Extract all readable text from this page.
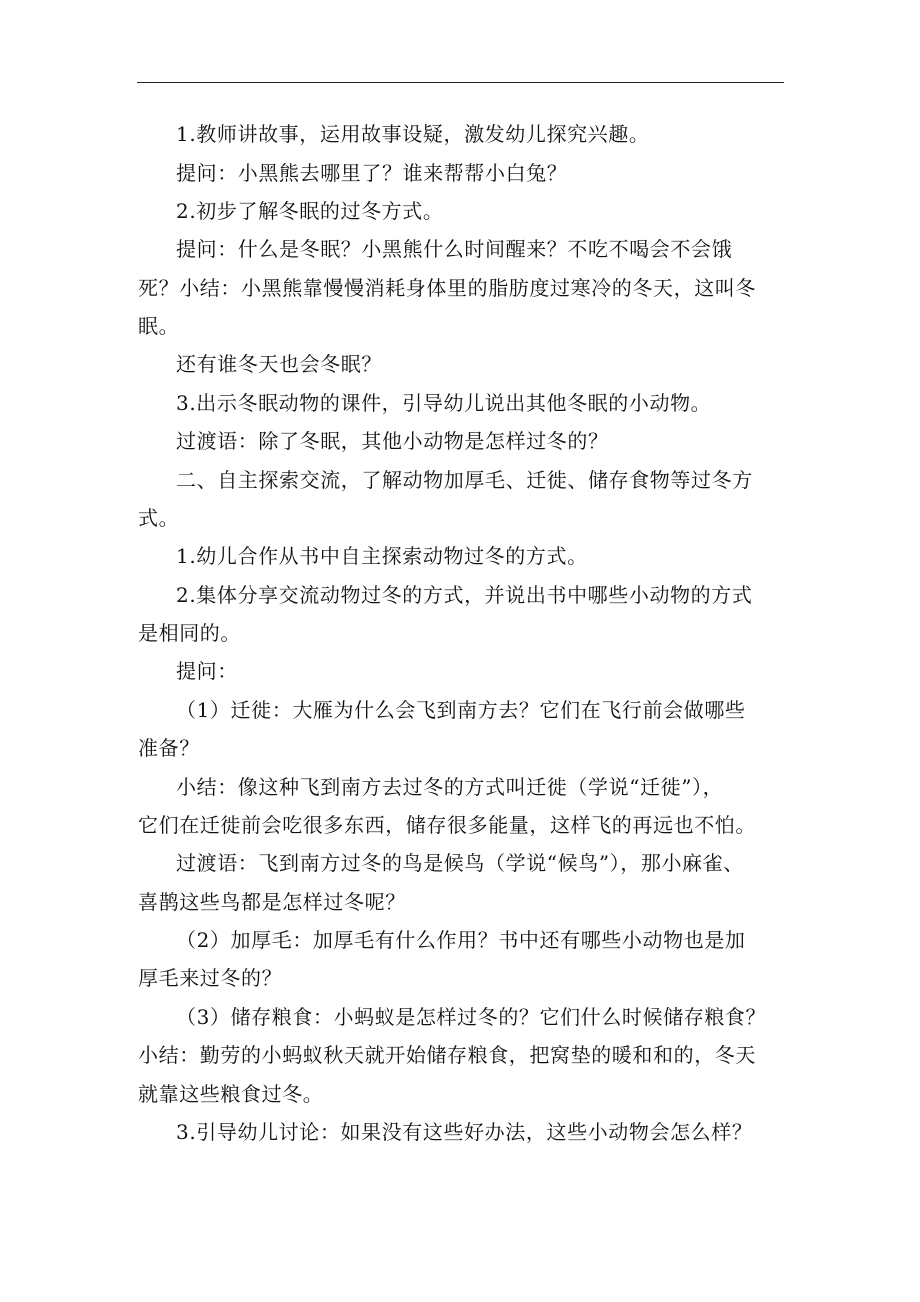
1.教师讲故事，运用故事设疑，激发幼儿探究兴趣。
提问：小黑熊去哪里了？谁来帮帮小白兔？
2.初步了解冬眠的过冬方式。
提问：什么是冬眠？小黑熊什么时间醒来？不吃不喝会不会饿
死？小结：小黑熊靠慢慢消耗身体里的脂肪度过寒冷的冬天，这叫冬
眠。
还有谁冬天也会冬眠？
3.出示冬眠动物的课件，引导幼儿说出其他冬眠的小动物。
过渡语：除了冬眠，其他小动物是怎样过冬的？
二、自主探索交流，了解动物加厚毛、迁徙、储存食物等过冬方
式。
1.幼儿合作从书中自主探索动物过冬的方式。
2.集体分享交流动物过冬的方式，并说出书中哪些小动物的方式
是相同的。
提问：
（1）迁徙：大雁为什么会飞到南方去？它们在飞行前会做哪些
准备？
小结：像这种飞到南方去过冬的方式叫迁徙（学说“迁徙”），
它们在迁徙前会吃很多东西，储存很多能量，这样飞的再远也不怕。
过渡语：飞到南方过冬的鸟是候鸟（学说“候鸟”），那小麻雀、
喜鹊这些鸟都是怎样过冬呢？
（2）加厚毛：加厚毛有什么作用？书中还有哪些小动物也是加
厚毛来过冬的？
（3）储存粮食：小蚂蚁是怎样过冬的？它们什么时候储存粮食？
小结：勤劳的小蚂蚁秋天就开始储存粮食，把窝垫的暖和和的，冬天
就靠这些粮食过冬。
3.引导幼儿讨论：如果没有这些好办法，这些小动物会怎么样？
